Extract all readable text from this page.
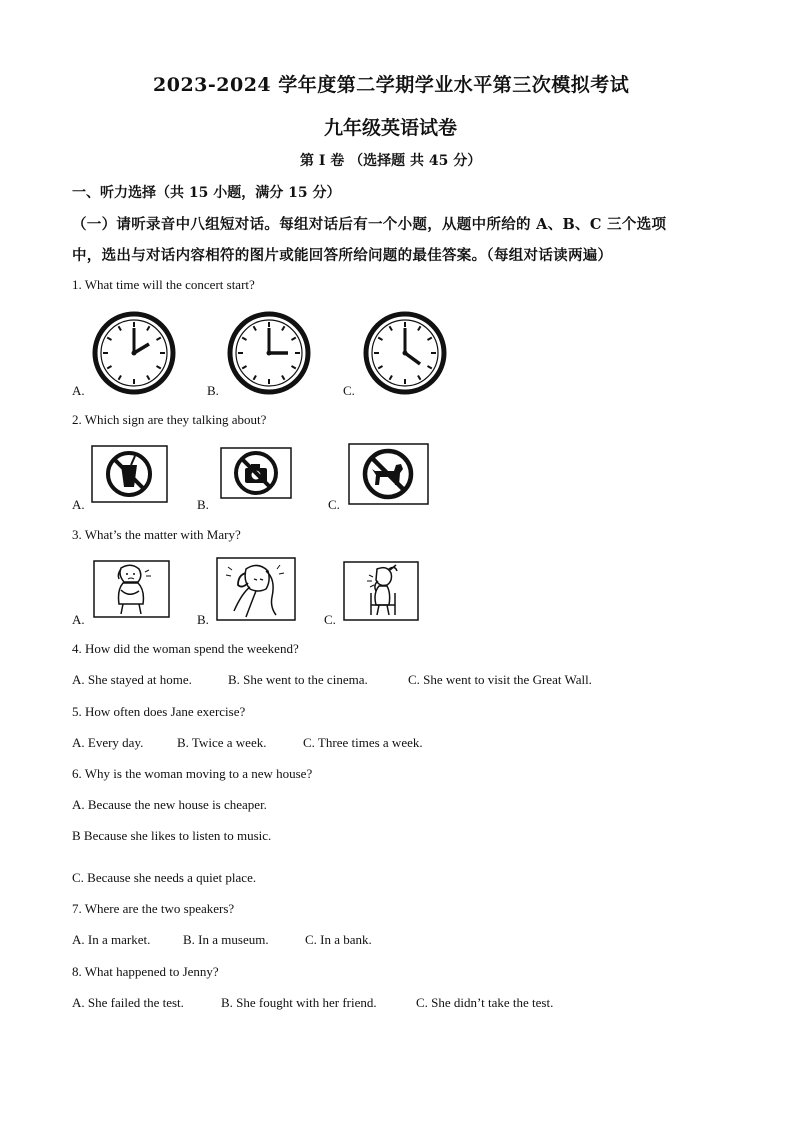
2023-2024 学年度第二学期学业水平第三次模拟考试
九年级英语试卷
第 I 卷 （选择题 共 45 分）
一、听力选择（共 15 小题，满分 15 分）
（一）请听录音中八组短对话。每组对话后有一个小题，从题中所给的 A、B、C 三个选项
中，选出与对话内容相符的图片或能回答所给问题的最佳答案。（每组对话读两遍）
1. What time will the concert start?
A.	B.	C.
2. Which sign are they talking about?
A.	B.	C.
3. What’s the matter with Mary?
A.	B.	C.
4. How did the woman spend the weekend?
A. She stayed at home.	B. She went to the cinema.	C. She went to visit the Great Wall.
5. How often does Jane exercise?
A. Every day.	B. Twice a week.	C. Three times a week.
6. Why is the woman moving to a new house?
A. Because the new house is cheaper.
B Because she likes to listen to music.
C. Because she needs a quiet place.
7. Where are the two speakers?
A. In a market.	B. In a museum.	C. In a bank.
8. What happened to Jenny?
A. She failed the test.	B. She fought with her friend.	C. She didn’t take the test.
